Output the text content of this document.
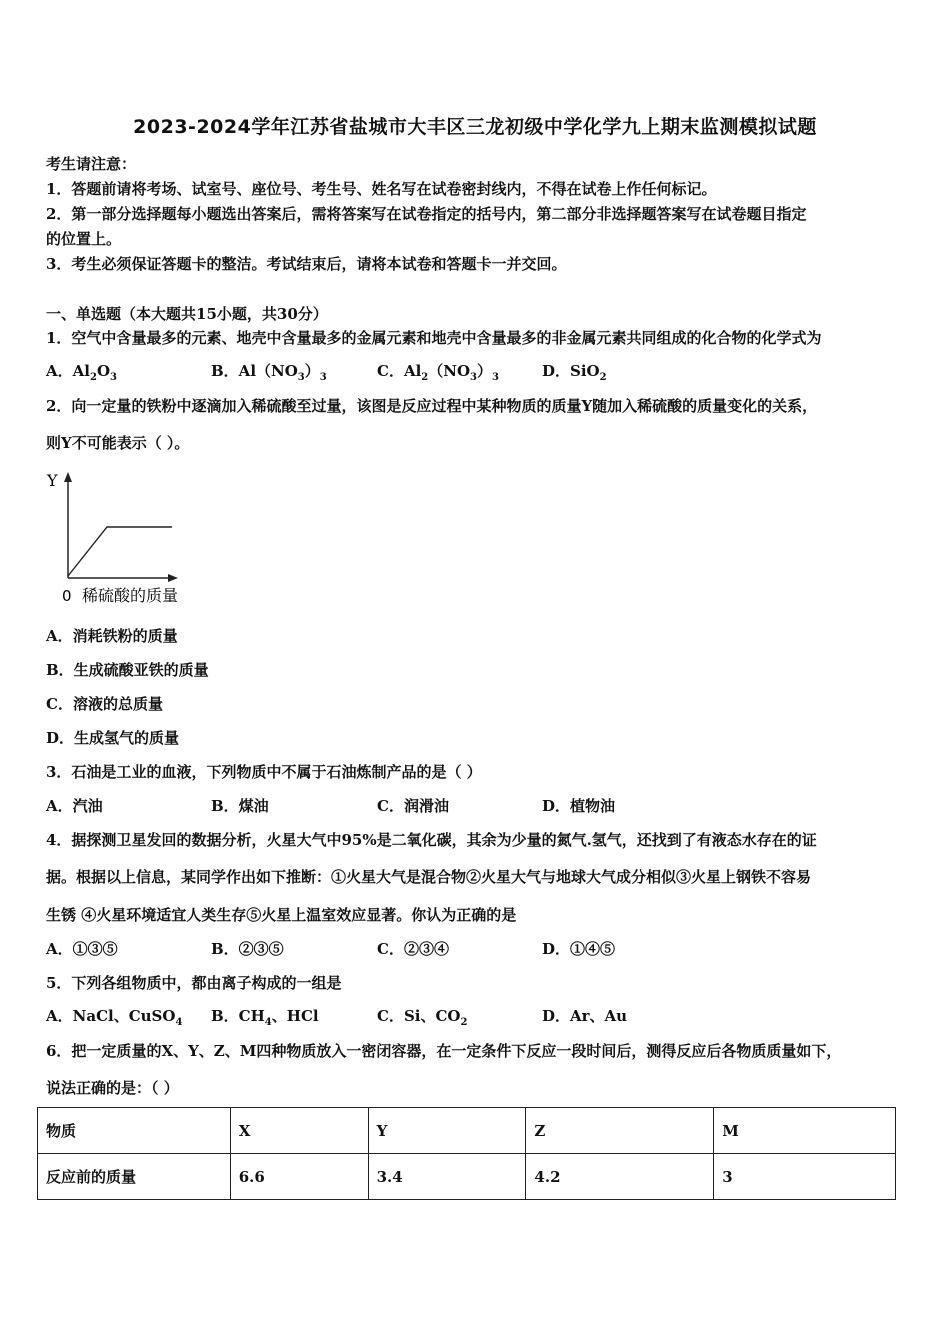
2023-2024学年江苏省盐城市大丰区三龙初级中学化学九上期末监测模拟试题
考生请注意：
1．答题前请将考场、试室号、座位号、考生号、姓名写在试卷密封线内，不得在试卷上作任何标记。
2．第一部分选择题每小题选出答案后，需将答案写在试卷指定的括号内，第二部分非选择题答案写在试卷题目指定
的位置上。
3．考生必须保证答题卡的整洁。考试结束后，请将本试卷和答题卡一并交回。
一、单选题（本大题共15小题，共30分）
1．空气中含量最多的元素、地壳中含量最多的金属元素和地壳中含量最多的非金属元素共同组成的化合物的化学式为
A．$Al_2O_3$	B．$Al(NO_3)_3$	C．$Al_2(NO_3)_3$	D．SiO$_2$
2．向一定量的铁粉中逐滴加入稀硫酸至过量，该图是反应过程中某种物质的质量Y随加入稀硫酸的质量变化的关系，
则Y不可能表示（ ）。
Y
0 稀硫酸的质量
A．消耗铁粉的质量
B．生成硫酸亚铁的质量
C．溶液的总质量
D．生成氢气的质量
3．石油是工业的血液，下列物质中不属于石油炼制产品的是（ ）
A．汽油	B．煤油	C．润滑油	D．植物油
4．据探测卫星发回的数据分析，火星大气中95%是二氧化碳，其余为少量的氮气.氢气，还找到了有液态水存在的证
据。根据以上信息，某同学作出如下推断：①火星大气是混合物②火星大气与地球大气成分相似③火星上钢铁不容易
生锈 ④火星环境适宜人类生存⑤火星上温室效应显著。你认为正确的是
A．①③⑤	B．②③⑤	C．②③④	D．①④⑤
5．下列各组物质中，都由离子构成的一组是
A．NaCl、CuSO$_4$ B．$CH_4$、HCl	C．Si、$CO_2$	D．Ar、Au
6．把一定质量的X、Y、Z、M四种物质放入一密闭容器，在一定条件下反应一段时间后，测得反应后各物质质量如下，
说法正确的是：（ ）
物质	X	Y	Z	M
反应前的质量	6.6	3.4	4.2	3
